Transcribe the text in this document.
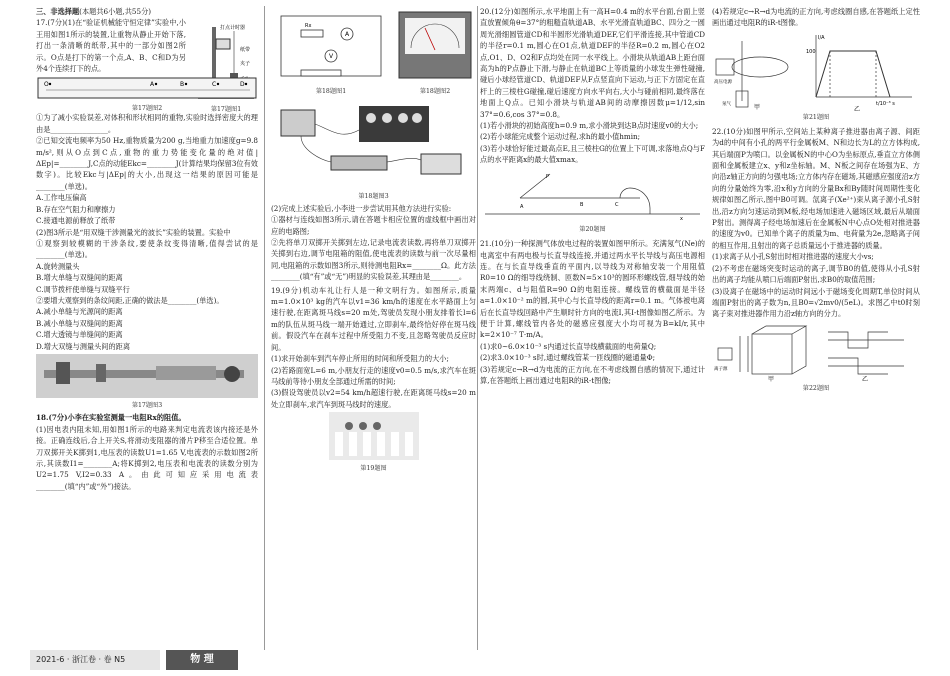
三、非选择题(本题共6小题,共55分)

17.(7分)(1)在“验证机械能守恒定律”实验中,小王用如图1所示的装置,让重物从静止开始下落,打出一条清晰的纸带,其中的一部分如图2所示。O点是打下的第一个点,A、B、C和D为另外4个连续打下的点。

打点计时器
纸带
夹子
第17题图1
O	A	B	C	D
第17题图2

①为了减小实验误差,对体积和形状相同的重物,实验时选择密度大的理由是________________。

②已知交流电频率为50 Hz,重物质量为200 g,当地重力加速度g=9.8 m/s²,则从O点到C点,重物的重力势能变化量的绝对值|ΔEp|=________J,C点的动能Ekc=________J(计算结果均保留3位有效数字)。比较Ekc与|ΔEp|的大小,出现这一结果的原因可能是________(单选)。

A.工作电压偏高

B.存在空气阻力和摩擦力

C.接通电源前释放了纸带

(2)图3所示是“用双缝干涉测量光的波长”实验的装置。实验中

①观察到较模糊的干涉条纹,要使条纹变得清晰,值得尝试的是________(单选)。

A.旋转测量头

B.增大单缝与双缝间的距离

C.调节拨杆使单缝与双缝平行

②要增大观察到的条纹间距,正确的做法是________(单选)。

A.减小单缝与光源间的距离

B.减小单缝与双缝间的距离

C.增大透镜与单缝间的距离

D.增大双缝与测量头间的距离

第17题图3

18.(7分)小李在实验室测量一电阻Rx的阻值。

(1)因电表内阻未知,用如图1所示的电路来判定电流表该内接还是外接。正确连线后,合上开关S,将滑动变阻器的滑片P移至合适位置。单刀双掷开关K掷到1,电压表的读数U1=1.65 V,电流表的示数如图2所示,其读数I1=________A;将K掷到2,电压表和电流表的读数分别为U2=1.75 V,I2=0.33 A。由此可知应采用电流表________(填“内”或“外”)接法。

A
V
Rx
第18题图1	第18题图2
第18题图3

(2)完成上述实验后,小李进一步尝试用其他方法进行实验:

①器材与连线如图3所示,请在答题卡相应位置的虚线框中画出对应的电路图;

②先将单刀双掷开关掷到左边,记录电流表读数,再将单刀双掷开关掷到右边,调节电阻箱的阻值,使电流表的读数与前一次尽量相同,电阻箱的示数如图3所示,则待测电阻Rx=________Ω。此方法________(填“有”或“无”)明显的实验误差,其理由是________。

19.(9分)机动车礼让行人是一种文明行为。如图所示,质量m=1.0×10³ kg的汽车以v1=36 km/h的速度在水平路面上匀速行驶,在距离斑马线s=20 m处,驾驶员发现小朋友排着长l=6 m的队伍从斑马线一端开始通过,立即刹车,最终恰好停在斑马线前。假设汽车在刹车过程中所受阻力不变,且忽略驾驶员反应时间。

(1)求开始刹车到汽车停止所用的时间和所受阻力的大小;

(2)若路面宽L=6 m,小朋友行走的速度v0=0.5 m/s,求汽车在斑马线前等待小朋友全部通过所需的时间;

(3)假设驾驶员以v2=54 km/h超速行驶,在距离斑马线s=20 m处立即刹车,求汽车到斑马线时的速度。

第19题图

20.(12分)如图所示,水平地面上有一高H=0.4 m的水平台面,台面上竖直放置倾角θ=37°的粗糙直轨道AB、水平光滑直轨道BC、四分之一圆周光滑细圆管道CD和半圆形光滑轨道DEF,它们平滑连接,其中管道CD的半径r=0.1 m,圆心在O1点,轨道DEF的半径R=0.2 m,圆心在O2点,O1、D、O2和F点均处在同一水平线上。小滑块从轨道AB上距台面高为h的P点静止下滑,与静止在轨道BC上等质量的小球发生弹性碰撞,碰后小球经管道CD、轨道DEF从F点竖直向下运动,与正下方固定在直杆上的三棱柱G碰撞,碰后速度方向水平向右,大小与碰前相同,最终落在地面上Q点。已知小滑块与轨道AB间的动摩擦因数μ=1/12,sin 37°=0.6,cos 37°=0.8。

(1)若小滑块的初始高度h=0.9 m,求小滑块到达B点时速度v0的大小;

(2)若小球能完成整个运动过程,求h的最小值hmin;

(3)若小球恰好能过最高点E,且三棱柱G的位置上下可调,求落地点Q与F点的水平距离x的最大值xmax。

P
A	B	C
x
第20题图

21.(10分)一种探测气体放电过程的装置如图甲所示。充满氖气(Ne)的电离室中有两电极与长直导线连接,并通过两水平长导线与高压电源相连。在与长直导线垂直的平面内,以导线为对称轴安装一个用阻值R0=10 Ω的细导线绕制、匝数N=5×10³的圆环形螺线管,细导线的始末两端c、d与阻值R=90 Ω的电阻连接。螺线管的横截面是半径a=1.0×10⁻² m的圆,其中心与长直导线的距离r=0.1 m。气体被电离后在长直导线回路中产生顺时针方向的电流I,其I-t图像如图乙所示。为便于计算,螺线管内各处的磁感应强度大小均可视为B=kI/r,其中k=2×10⁻⁷ T·m/A。

(1)求0~6.0×10⁻³ s内通过长直导线横截面的电荷量Q;

(2)求3.0×10⁻³ s时,通过螺线管某一匝线圈的磁通量Φ;

(3)若规定c→R→d为电流的正方向,在不考虑线圈自感的情况下,通过计算,在答题纸上画出通过电阻R的iR-t图像;

(4)若规定c→R→d为电流的正方向,考虑线圈自感,在答题纸上定性画出通过电阻R的iR-t图像。

高压电源
氖气	甲
I/A
100
t/10⁻³ s
乙
第21题图

22.(10分)如图甲所示,空间站上某种离子推进器由离子源、间距为d的中间有小孔的两平行金属板M、N和边长为L的立方体构成,其后端面P为喷口。以金属板N的中心O为坐标原点,垂直立方体侧面和金属板建立x、y和z坐标轴。M、N板之间存在场强为E、方向沿z轴正方向的匀强电场;立方体内存在磁场,其磁感应强度沿z方向的分量始终为零,沿x和y方向的分量Bx和By随时间周期性变化规律如图乙所示,图中B0可调。氙离子(Xe²⁺)束从离子源小孔S射出,沿z方向匀速运动到M板,经电场加速进入磁场区域,最后从端面P射出。测得离子经电场加速后在金属板N中心点O处相对推进器的速度为v0。已知单个离子的质量为m、电荷量为2e,忽略离子间的相互作用,且射出的离子总质量远小于推进器的质量。

(1)求离子从小孔S射出时相对推进器的速度大小vs;

(2)不考虑在磁场突变时运动的离子,调节B0的值,使得从小孔S射出的离子均能从喷口后端面P射出,求B0的取值范围;

(3)设离子在磁场中的运动时间远小于磁场变化周期T,单位时间从端面P射出的离子数为n,且B0=√2mv0/(5eL)。求图乙中t0时刻离子束对推进器作用力沿z轴方向的分力。

离子源
甲	乙
第22题图
2021-6 · 浙江卷 · 卷 N5	物 理
